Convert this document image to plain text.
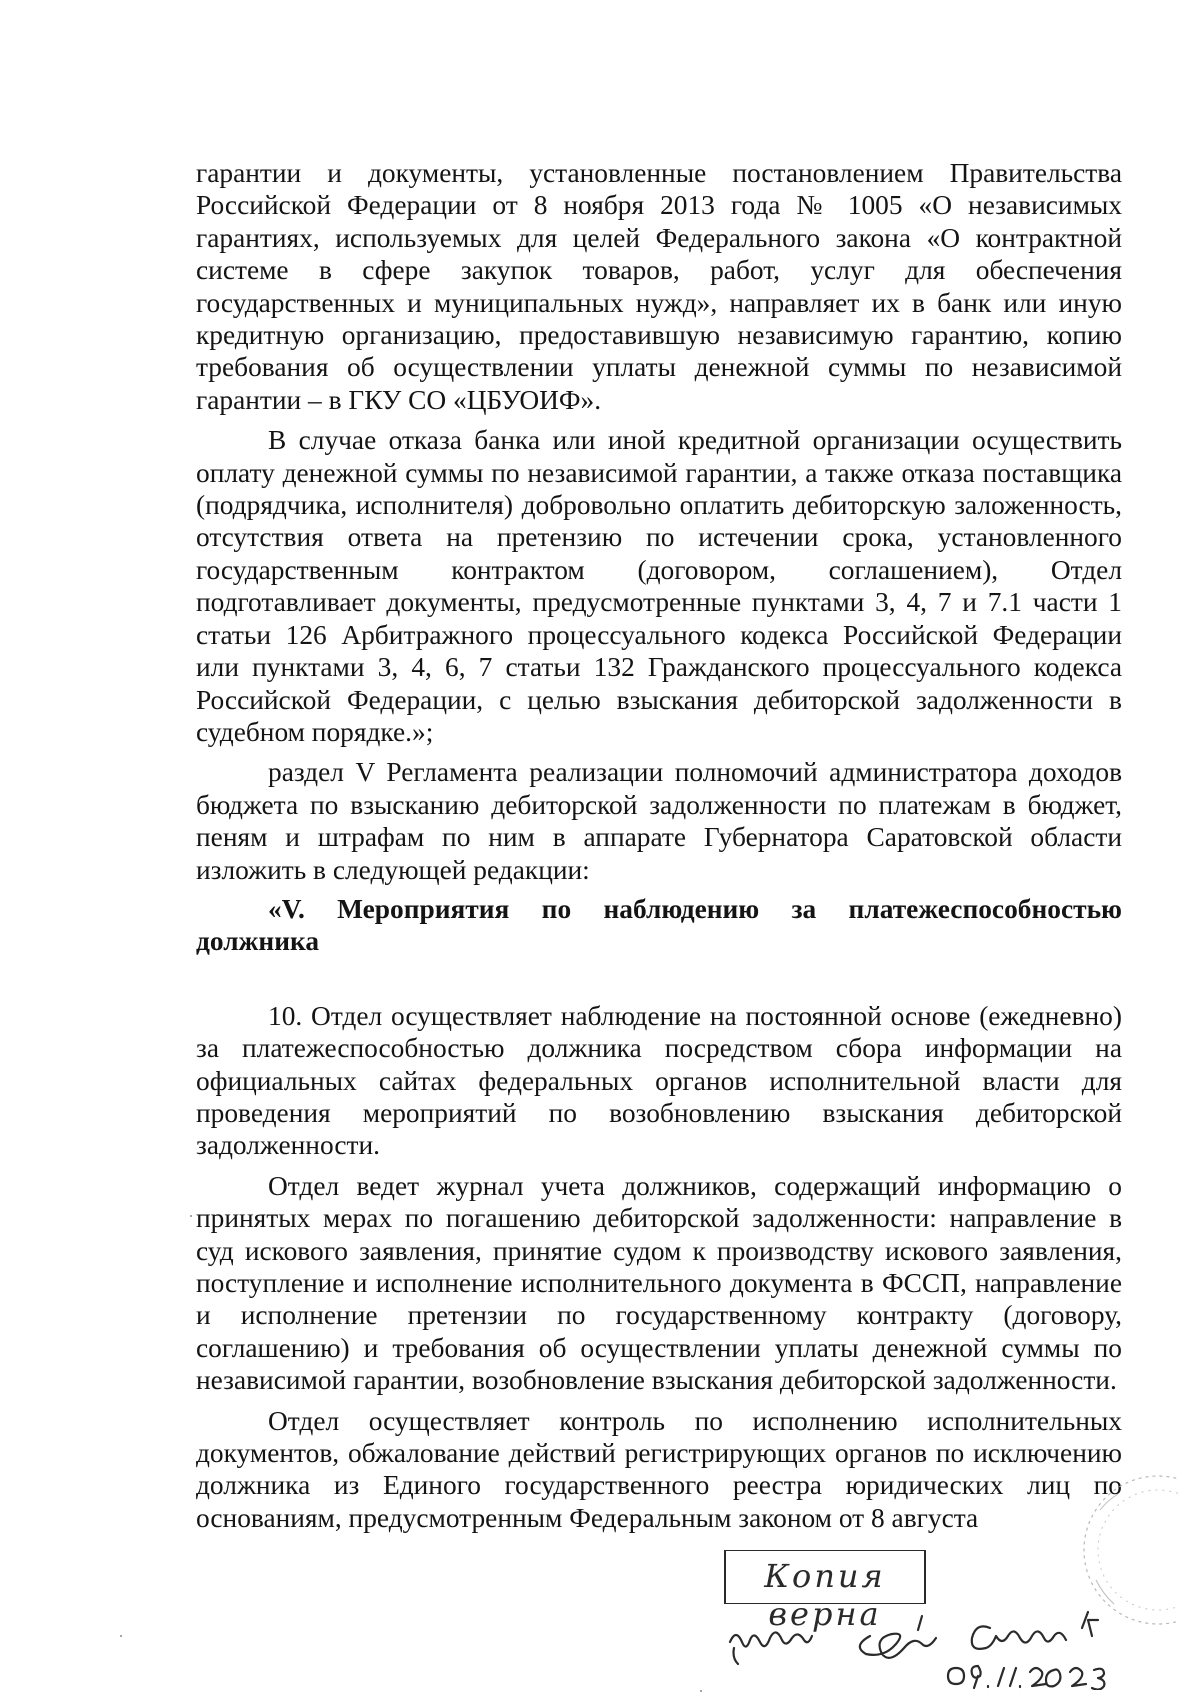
гарантии и документы, установленные постановлением Правительства Российской Федерации от 8 ноября 2013 года № 1005 «О независимых гарантиях, используемых для целей Федерального закона «О контрактной системе в сфере закупок товаров, работ, услуг для обеспечения государственных и муниципальных нужд», направляет их в банк или иную кредитную организацию, предоставившую независимую гарантию, копию требования об осуществлении уплаты денежной суммы по независимой гарантии – в ГКУ СО «ЦБУОИФ».

В случае отказа банка или иной кредитной организации осуществить оплату денежной суммы по независимой гарантии, а также отказа поставщика (подрядчика, исполнителя) добровольно оплатить дебиторскую заложенность, отсутствия ответа на претензию по истечении срока, установленного государственным контрактом (договором, соглашением), Отдел подготавливает документы, предусмотренные пунктами 3, 4, 7 и 7.1 части 1 статьи 126 Арбитражного процессуального кодекса Российской Федерации или пунктами 3, 4, 6, 7 статьи 132 Гражданского процессуального кодекса Российской Федерации, с целью взыскания дебиторской задолженности в судебном порядке.»;

раздел V Регламента реализации полномочий администратора доходов бюджета по взысканию дебиторской задолженности по платежам в бюджет, пеням и штрафам по ним в аппарате Губернатора Саратовской области изложить в следующей редакции:

«V. Мероприятия по наблюдению за платежеспособностью должника

10. Отдел осуществляет наблюдение на постоянной основе (ежедневно) за платежеспособностью должника посредством сбора информации на официальных сайтах федеральных органов исполнительной власти для проведения мероприятий по возобновлению взыскания дебиторской задолженности.

Отдел ведет журнал учета должников, содержащий информацию о принятых мерах по погашению дебиторской задолженности: направление в суд искового заявления, принятие судом к производству искового заявления, поступление и исполнение исполнительного документа в ФССП, направление и исполнение претензии по государственному контракту (договору, соглашению) и требования об осуществлении уплаты денежной суммы по независимой гарантии, возобновление взыскания дебиторской задолженности.

Отдел осуществляет контроль по исполнению исполнительных документов, обжалование действий регистрирующих органов по исключению должника из Единого государственного реестра юридических лиц по основаниям, предусмотренным Федеральным законом от 8 августа

Копия верна
